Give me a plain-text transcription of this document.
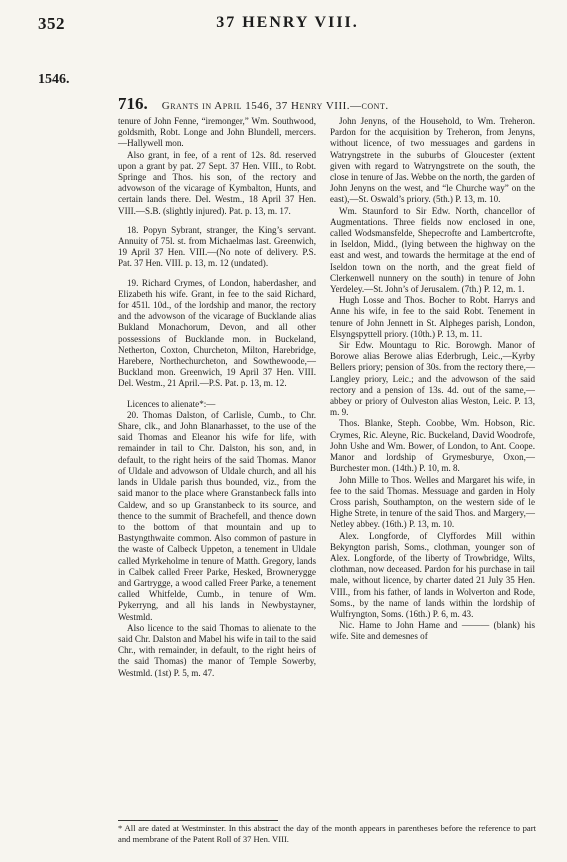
352	37 HENRY VIII.
1546.
716. Grants in April 1546, 37 Henry VIII.—cont.

tenure of John Fenne, “iremonger,” Wm. Southwood, goldsmith, Robt. Longe and John Blundell, mercers.—Hallywell mon.

Also grant, in fee, of a rent of 12s. 8d. reserved upon a grant by pat. 27 Sept. 37 Hen. VIII., to Robt. Springe and Thos. his son, of the rectory and advowson of the vicarage of Kymbalton, Hunts, and certain lands there. Del. Westm., 18 April 37 Hen. VIII.—S.B. (slightly injured). Pat. p. 13, m. 17.

18. Popyn Sybrant, stranger, the King’s servant. Annuity of 75l. st. from Michaelmas last. Greenwich, 19 April 37 Hen. VIII.—(No note of delivery. P.S. Pat. 37 Hen. VIII. p. 13, m. 12 (undated).

19. Richard Crymes, of London, haberdasher, and Elizabeth his wife. Grant, in fee to the said Richard, for 451l. 10d., of the lordship and manor, the rectory and the advowson of the vicarage of Bucklande alias Bukland Monachorum, Devon, and all other possessions of Bucklande mon. in Buckeland, Netherton, Coxton, Churcheton, Milton, Harebridge, Harebere, Northechurcheton, and Sowthewoode,—Buckland mon. Greenwich, 19 April 37 Hen. VIII. Del. Westm., 21 April.—P.S. Pat. p. 13, m. 12.

Licences to alienate*:—

20. Thomas Dalston, of Carlisle, Cumb., to Chr. Share, clk., and John Blanarhasset, to the use of the said Thomas and Eleanor his wife for life, with remainder in tail to Chr. Dalston, his son, and, in default, to the right heirs of the said Thomas. Manor of Uldale and advowson of Uldale church, and all his lands in Uldale parish thus bounded, viz., from the said manor to the place where Granstanbeck falls into Caldew, and so up Granstanbeck to its source, and thence to the summit of Brachefell, and thence down to the bottom of that mountain and up to Bastyngthwaite common. Also common of pasture in the waste of Calbeck Uppeton, a tenement in Uldale called Myrkeholme in tenure of Matth. Gregory, lands in Calbek called Freer Parke, Hesked, Brownerygge and Gartrygge, a wood called Freer Parke, a tenement called Whitfelde, Cumb., in tenure of Wm. Pykerryng, and all his lands in Newbystayner, Westmld.

Also licence to the said Thomas to alienate to the said Chr. Dalston and Mabel his wife in tail to the said Chr., with remainder, in default, to the right heirs of the said Thomas) the manor of Temple Sowerby, Westmld. (1st) P. 5, m. 47.

John Jenyns, of the Household, to Wm. Treheron. Pardon for the acquisition by Treheron, from Jenyns, without licence, of two messuages and gardens in Watryngstrete in the suburbs of Gloucester (extent given with regard to Watryngstrete on the south, the close in tenure of Jas. Webbe on the north, the garden of John Jenyns on the west, and “le Churche way” on the east),—St. Oswald’s priory. (5th.) P. 13, m. 10.

Wm. Staunford to Sir Edw. North, chancellor of Augmentations. Three fields now enclosed in one, called Wodsmansfelde, Shepecrofte and Lambertcrofte, in Iseldon, Midd., (lying between the highway on the east and west, and towards the hermitage at the end of Iseldon town on the north, and the great field of Clerkenwell nunnery on the south) in tenure of John Yerdeley.—St. John’s of Jerusalem. (7th.) P. 12, m. 1.

Hugh Losse and Thos. Bocher to Robt. Harrys and Anne his wife, in fee to the said Robt. Tenement in tenure of John Jennett in St. Alpheges parish, London, Elsyngspyttell priory. (10th.) P. 13, m. 11.

Sir Edw. Mountagu to Ric. Borowgh. Manor of Borowe alias Berowe alias Ederbrugh, Leic.,—Kyrby Bellers priory; pension of 30s. from the rectory there,—Langley priory, Leic.; and the advowson of the said rectory and a pension of 13s. 4d. out of the same,—abbey or priory of Oulveston alias Weston, Leic. P. 13, m. 9.

Thos. Blanke, Steph. Coobbe, Wm. Hobson, Ric. Crymes, Ric. Aleyne, Ric. Buckeland, David Woodrofe, John Ushe and Wm. Bower, of London, to Ant. Coope. Manor and lordship of Grymesburye, Oxon,—Burchester mon. (14th.) P. 10, m. 8.

John Mille to Thos. Welles and Margaret his wife, in fee to the said Thomas. Messuage and garden in Holy Cross parish, Southampton, on the western side of le Highe Strete, in tenure of the said Thos. and Margery,—Netley abbey. (16th.) P. 13, m. 10.

Alex. Longforde, of Clyffordes Mill within Bekyngton parish, Soms., clothman, younger son of Alex. Longforde, of the liberty of Trowbridge, Wilts, clothman, now deceased. Pardon for his purchase in tail male, without licence, by charter dated 21 July 35 Hen. VIII., from his father, of lands in Wolverton and Rode, Soms., by the name of lands within the lordship of Wulfryngton, Soms. (16th.) P. 6, m. 43.

Nic. Hame to John Hame and ——— (blank) his wife. Site and demesnes of

* All are dated at Westminster. In this abstract the day of the month appears in parentheses before the reference to part and membrane of the Patent Roll of 37 Hen. VIII.
